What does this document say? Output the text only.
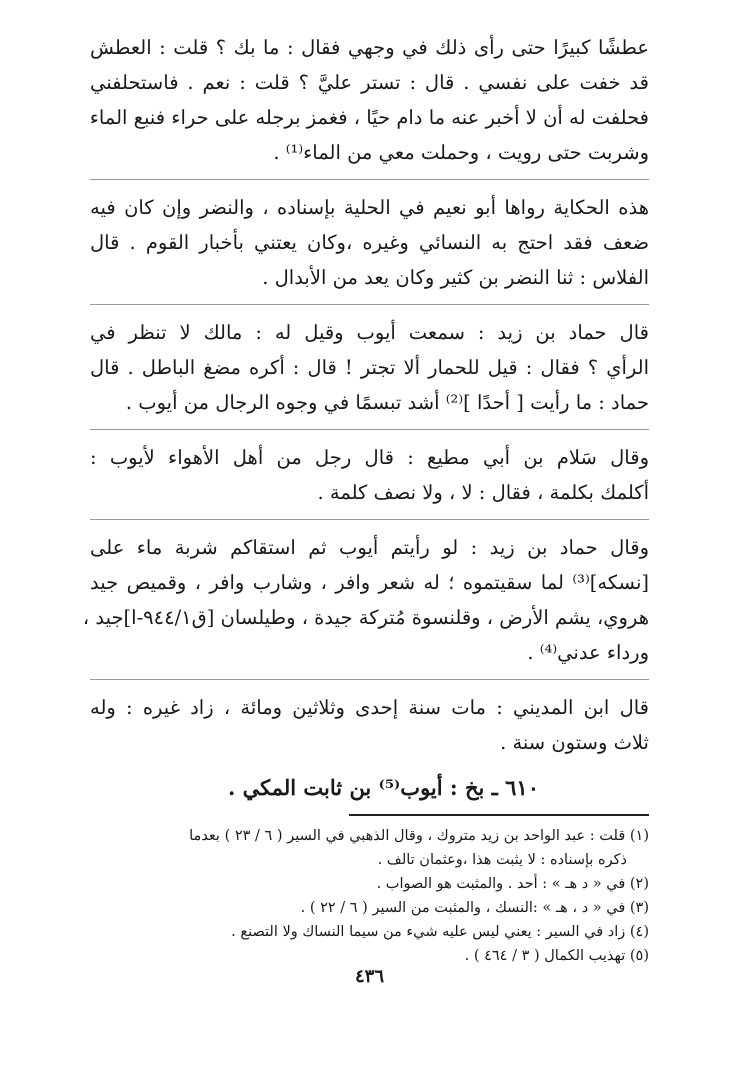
عطشًا كبيرًا حتى رأى ذلك في وجهي فقال : ما بك ؟ قلت : العطش
قد خفت على نفسي . قال : تستر عليَّ ؟ قلت : نعم . فاستحلفني
فحلفت له أن لا أخبر عنه ما دام حيًا ، فغمز برجله على حراء فنبع الماء
وشربت حتى رويت ، وحملت معي من الماء⁽¹⁾ .

هذه الحكاية رواها أبو نعيم في الحلية بإسناده ، والنضر وإن كان فيه
ضعف فقد احتج به النسائي وغيره ،وكان يعتني بأخبار القوم . قال
الفلاس : ثنا النضر بن كثير وكان يعد من الأبدال .

قال حماد بن زيد : سمعت أيوب وقيل له : مالك لا تنظر في
الرأي ؟ فقال : قيل للحمار ألا تجتر ! قال : أكره مضغ الباطل . قال
حماد : ما رأيت [ أحدًا ]⁽²⁾ أشد تبسمًا في وجوه الرجال من أيوب .

وقال سَلام بن أبي مطيع : قال رجل من أهل الأهواء لأيوب :
أكلمك بكلمة ، فقال : لا ، ولا نصف كلمة .

وقال حماد بن زيد : لو رأيتم أيوب ثم استقاكم شربة ماء على
[نسكه]⁽³⁾ لما سقيتموه ؛ له شعر وافر ، وشارب وافر ، وقميص جيد
هروي، يشم الأرض ، وقلنسوة مُتركة جيدة ، وطيلسان [ق٩٤٤/١-ا]جيد ،
ورداء عدني⁽⁴⁾ .

قال ابن المديني : مات سنة إحدى وثلاثين ومائة ، زاد غيره : وله
ثلاث وستون سنة .

٦١٠ ـ بخ : أيوب⁽⁵⁾ بن ثابت المكي .
(١) قلت : عبد الواحد بن زيد متروك ، وقال الذهبي في السير ( ٦ / ٢٣ ) بعدما
ذكره بإسناده : لا يثبت هذا ،وعثمان تالف .
(٢) في « د هـ » : أحد . والمثبت هو الصواب .
(٣) في « د ، هـ » :النسك ، والمثبت من السير ( ٦ / ٢٢ ) .
(٤) زاد في السير : يعني ليس عليه شيء من سيما النساك ولا التصنع .
(٥) تهذيب الكمال ( ٣ / ٤٦٤ ) .
٤٣٦
